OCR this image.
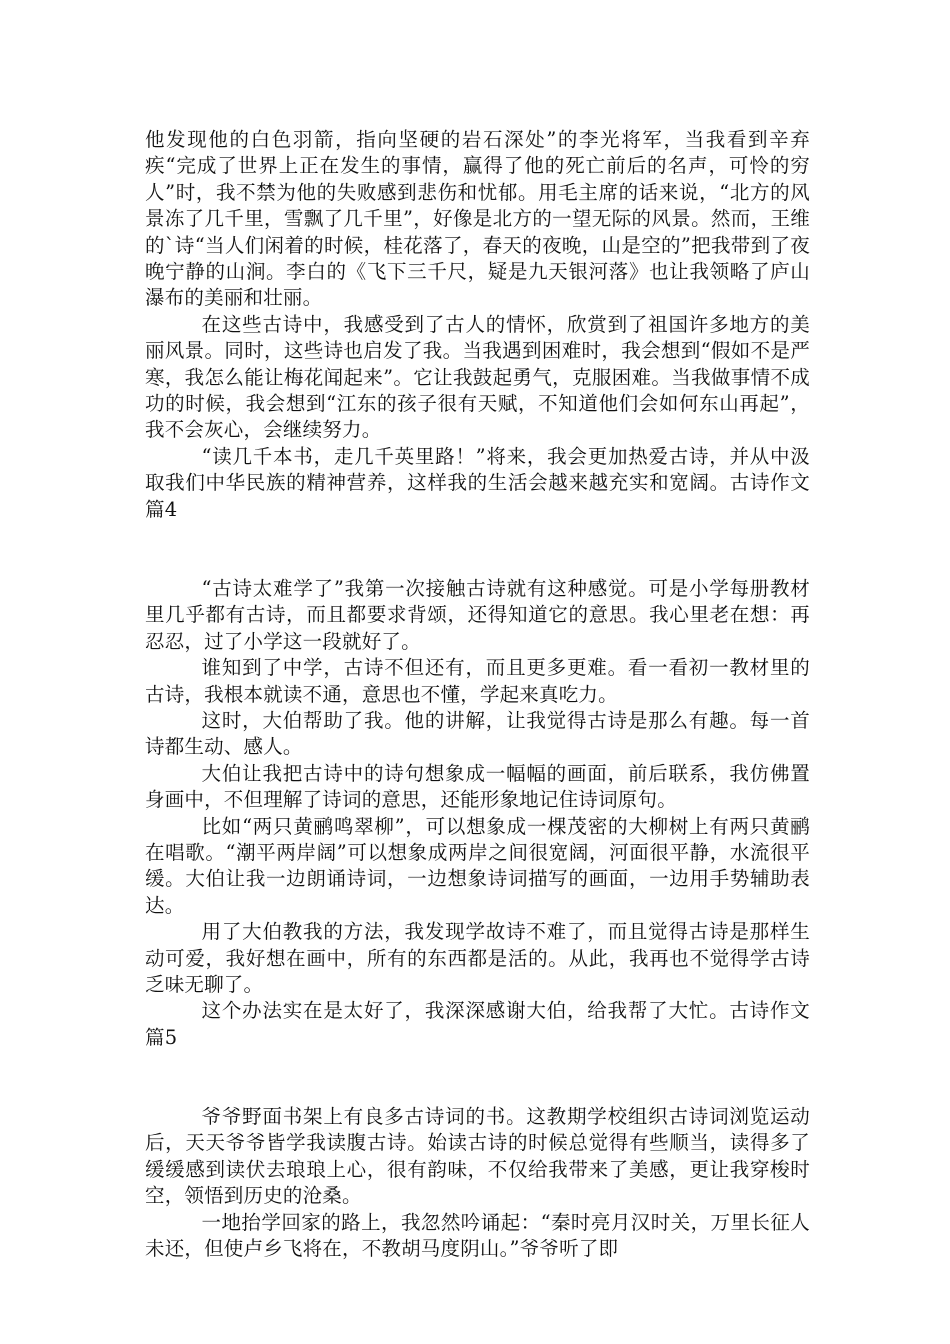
他发现他的白色羽箭，指向坚硬的岩石深处”的李光将军，当我看到辛弃疾“完成了世界上正在发生的事情，赢得了他的死亡前后的名声，可怜的穷人”时，我不禁为他的失败感到悲伤和忧郁。用毛主席的话来说，“北方的风景冻了几千里，雪飘了几千里”，好像是北方的一望无际的风景。然而，王维的`诗“当人们闲着的时候，桂花落了，春天的夜晚，山是空的”把我带到了夜晚宁静的山涧。李白的《飞下三千尺，疑是九天银河落》也让我领略了庐山瀑布的美丽和壮丽。

在这些古诗中，我感受到了古人的情怀，欣赏到了祖国许多地方的美丽风景。同时，这些诗也启发了我。当我遇到困难时，我会想到“假如不是严寒，我怎么能让梅花闻起来”。它让我鼓起勇气，克服困难。当我做事情不成功的时候，我会想到“江东的孩子很有天赋，不知道他们会如何东山再起”，我不会灰心，会继续努力。

“读几千本书，走几千英里路！”将来，我会更加热爱古诗，并从中汲取我们中华民族的精神营养，这样我的生活会越来越充实和宽阔。古诗作文 篇4

“古诗太难学了”我第一次接触古诗就有这种感觉。可是小学每册教材里几乎都有古诗，而且都要求背颂，还得知道它的意思。我心里老在想：再忍忍，过了小学这一段就好了。

谁知到了中学，古诗不但还有，而且更多更难。看一看初一教材里的古诗，我根本就读不通，意思也不懂，学起来真吃力。

这时，大伯帮助了我。他的讲解，让我觉得古诗是那么有趣。每一首诗都生动、感人。

大伯让我把古诗中的诗句想象成一幅幅的画面，前后联系，我仿佛置身画中，不但理解了诗词的意思，还能形象地记住诗词原句。

比如“两只黄鹂鸣翠柳”，可以想象成一棵茂密的大柳树上有两只黄鹂在唱歌。“潮平两岸阔”可以想象成两岸之间很宽阔，河面很平静，水流很平缓。大伯让我一边朗诵诗词，一边想象诗词描写的画面，一边用手势辅助表达。

用了大伯教我的方法，我发现学故诗不难了，而且觉得古诗是那样生动可爱，我好想在画中，所有的东西都是活的。从此，我再也不觉得学古诗乏味无聊了。

这个办法实在是太好了，我深深感谢大伯，给我帮了大忙。古诗作文 篇5

爷爷野面书架上有良多古诗词的书。这教期学校组织古诗词浏览运动后，天天爷爷皆学我读腹古诗。始读古诗的时候总觉得有些顺当，读得多了缓缓感到读伏去琅琅上心，很有韵味，不仅给我带来了美感，更让我穿梭时空，领悟到历史的沧桑。

一地抬学回家的路上，我忽然吟诵起：“秦时亮月汉时关，万里长征人未还，但使卢乡飞将在，不教胡马度阴山。”爷爷听了即
